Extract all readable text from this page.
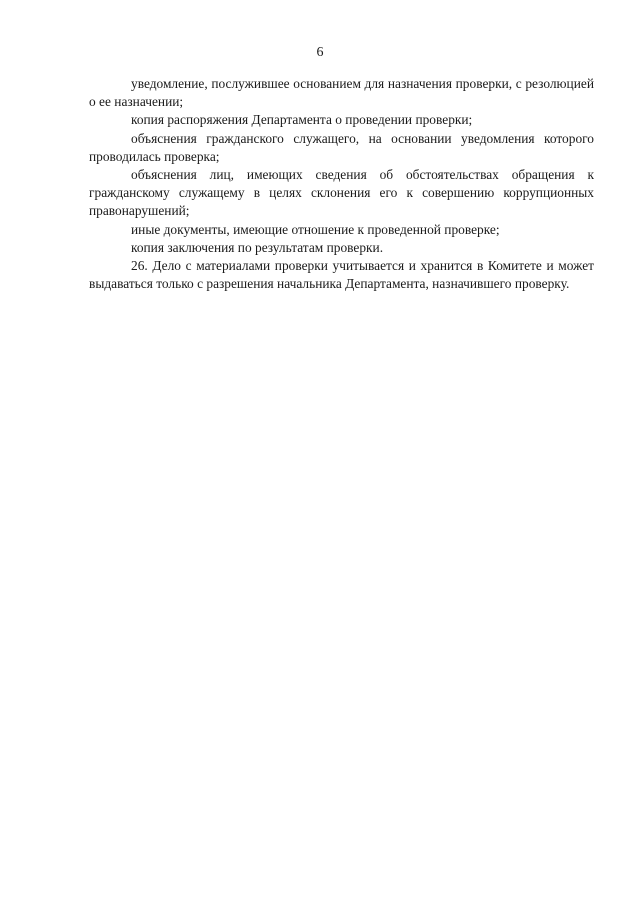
6

уведомление, послужившее основанием для назначения проверки, с резолюцией о ее назначении;

копия распоряжения Департамента о проведении проверки;

объяснения гражданского служащего, на основании уведомления которого проводилась проверка;

объяснения лиц, имеющих сведения об обстоятельствах обращения к гражданскому служащему в целях склонения его к совершению коррупционных правонарушений;

иные документы, имеющие отношение к проведенной проверке;

копия заключения по результатам проверки.

26. Дело с материалами проверки учитывается и хранится в Комитете и может выдаваться только с разрешения начальника Департамента, назначившего проверку.
